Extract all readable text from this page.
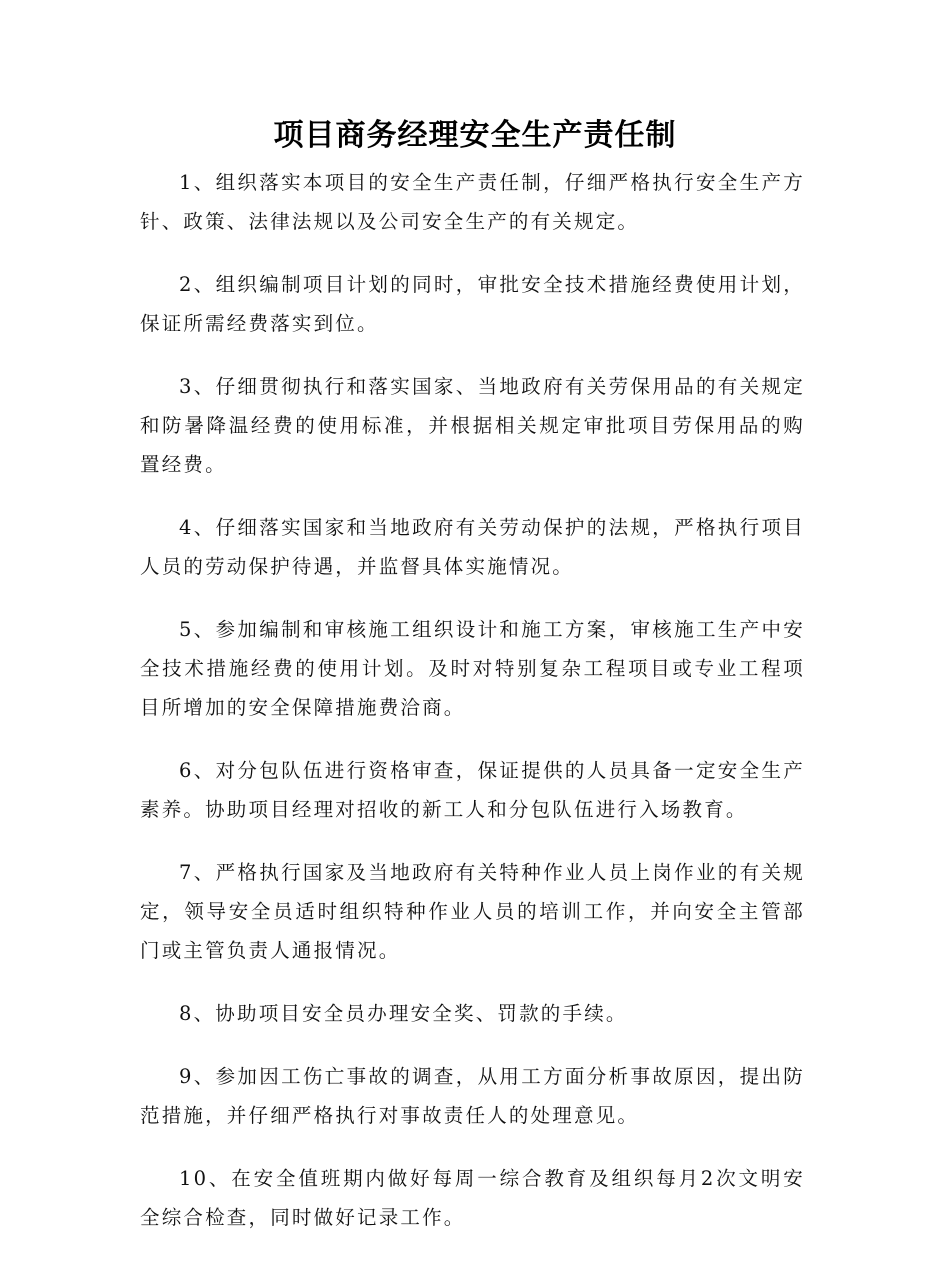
项目商务经理安全生产责任制

1、组织落实本项目的安全生产责任制，仔细严格执行安全生产方针、政策、法律法规以及公司安全生产的有关规定。

2、组织编制项目计划的同时，审批安全技术措施经费使用计划，保证所需经费落实到位。

3、仔细贯彻执行和落实国家、当地政府有关劳保用品的有关规定和防暑降温经费的使用标准，并根据相关规定审批项目劳保用品的购置经费。

4、仔细落实国家和当地政府有关劳动保护的法规，严格执行项目人员的劳动保护待遇，并监督具体实施情况。

5、参加编制和审核施工组织设计和施工方案，审核施工生产中安全技术措施经费的使用计划。及时对特别复杂工程项目或专业工程项目所增加的安全保障措施费洽商。

6、对分包队伍进行资格审查，保证提供的人员具备一定安全生产素养。协助项目经理对招收的新工人和分包队伍进行入场教育。

7、严格执行国家及当地政府有关特种作业人员上岗作业的有关规定，领导安全员适时组织特种作业人员的培训工作，并向安全主管部门或主管负责人通报情况。

8、协助项目安全员办理安全奖、罚款的手续。

9、参加因工伤亡事故的调查，从用工方面分析事故原因，提出防范措施，并仔细严格执行对事故责任人的处理意见。

10、在安全值班期内做好每周一综合教育及组织每月2次文明安全综合检查，同时做好记录工作。
